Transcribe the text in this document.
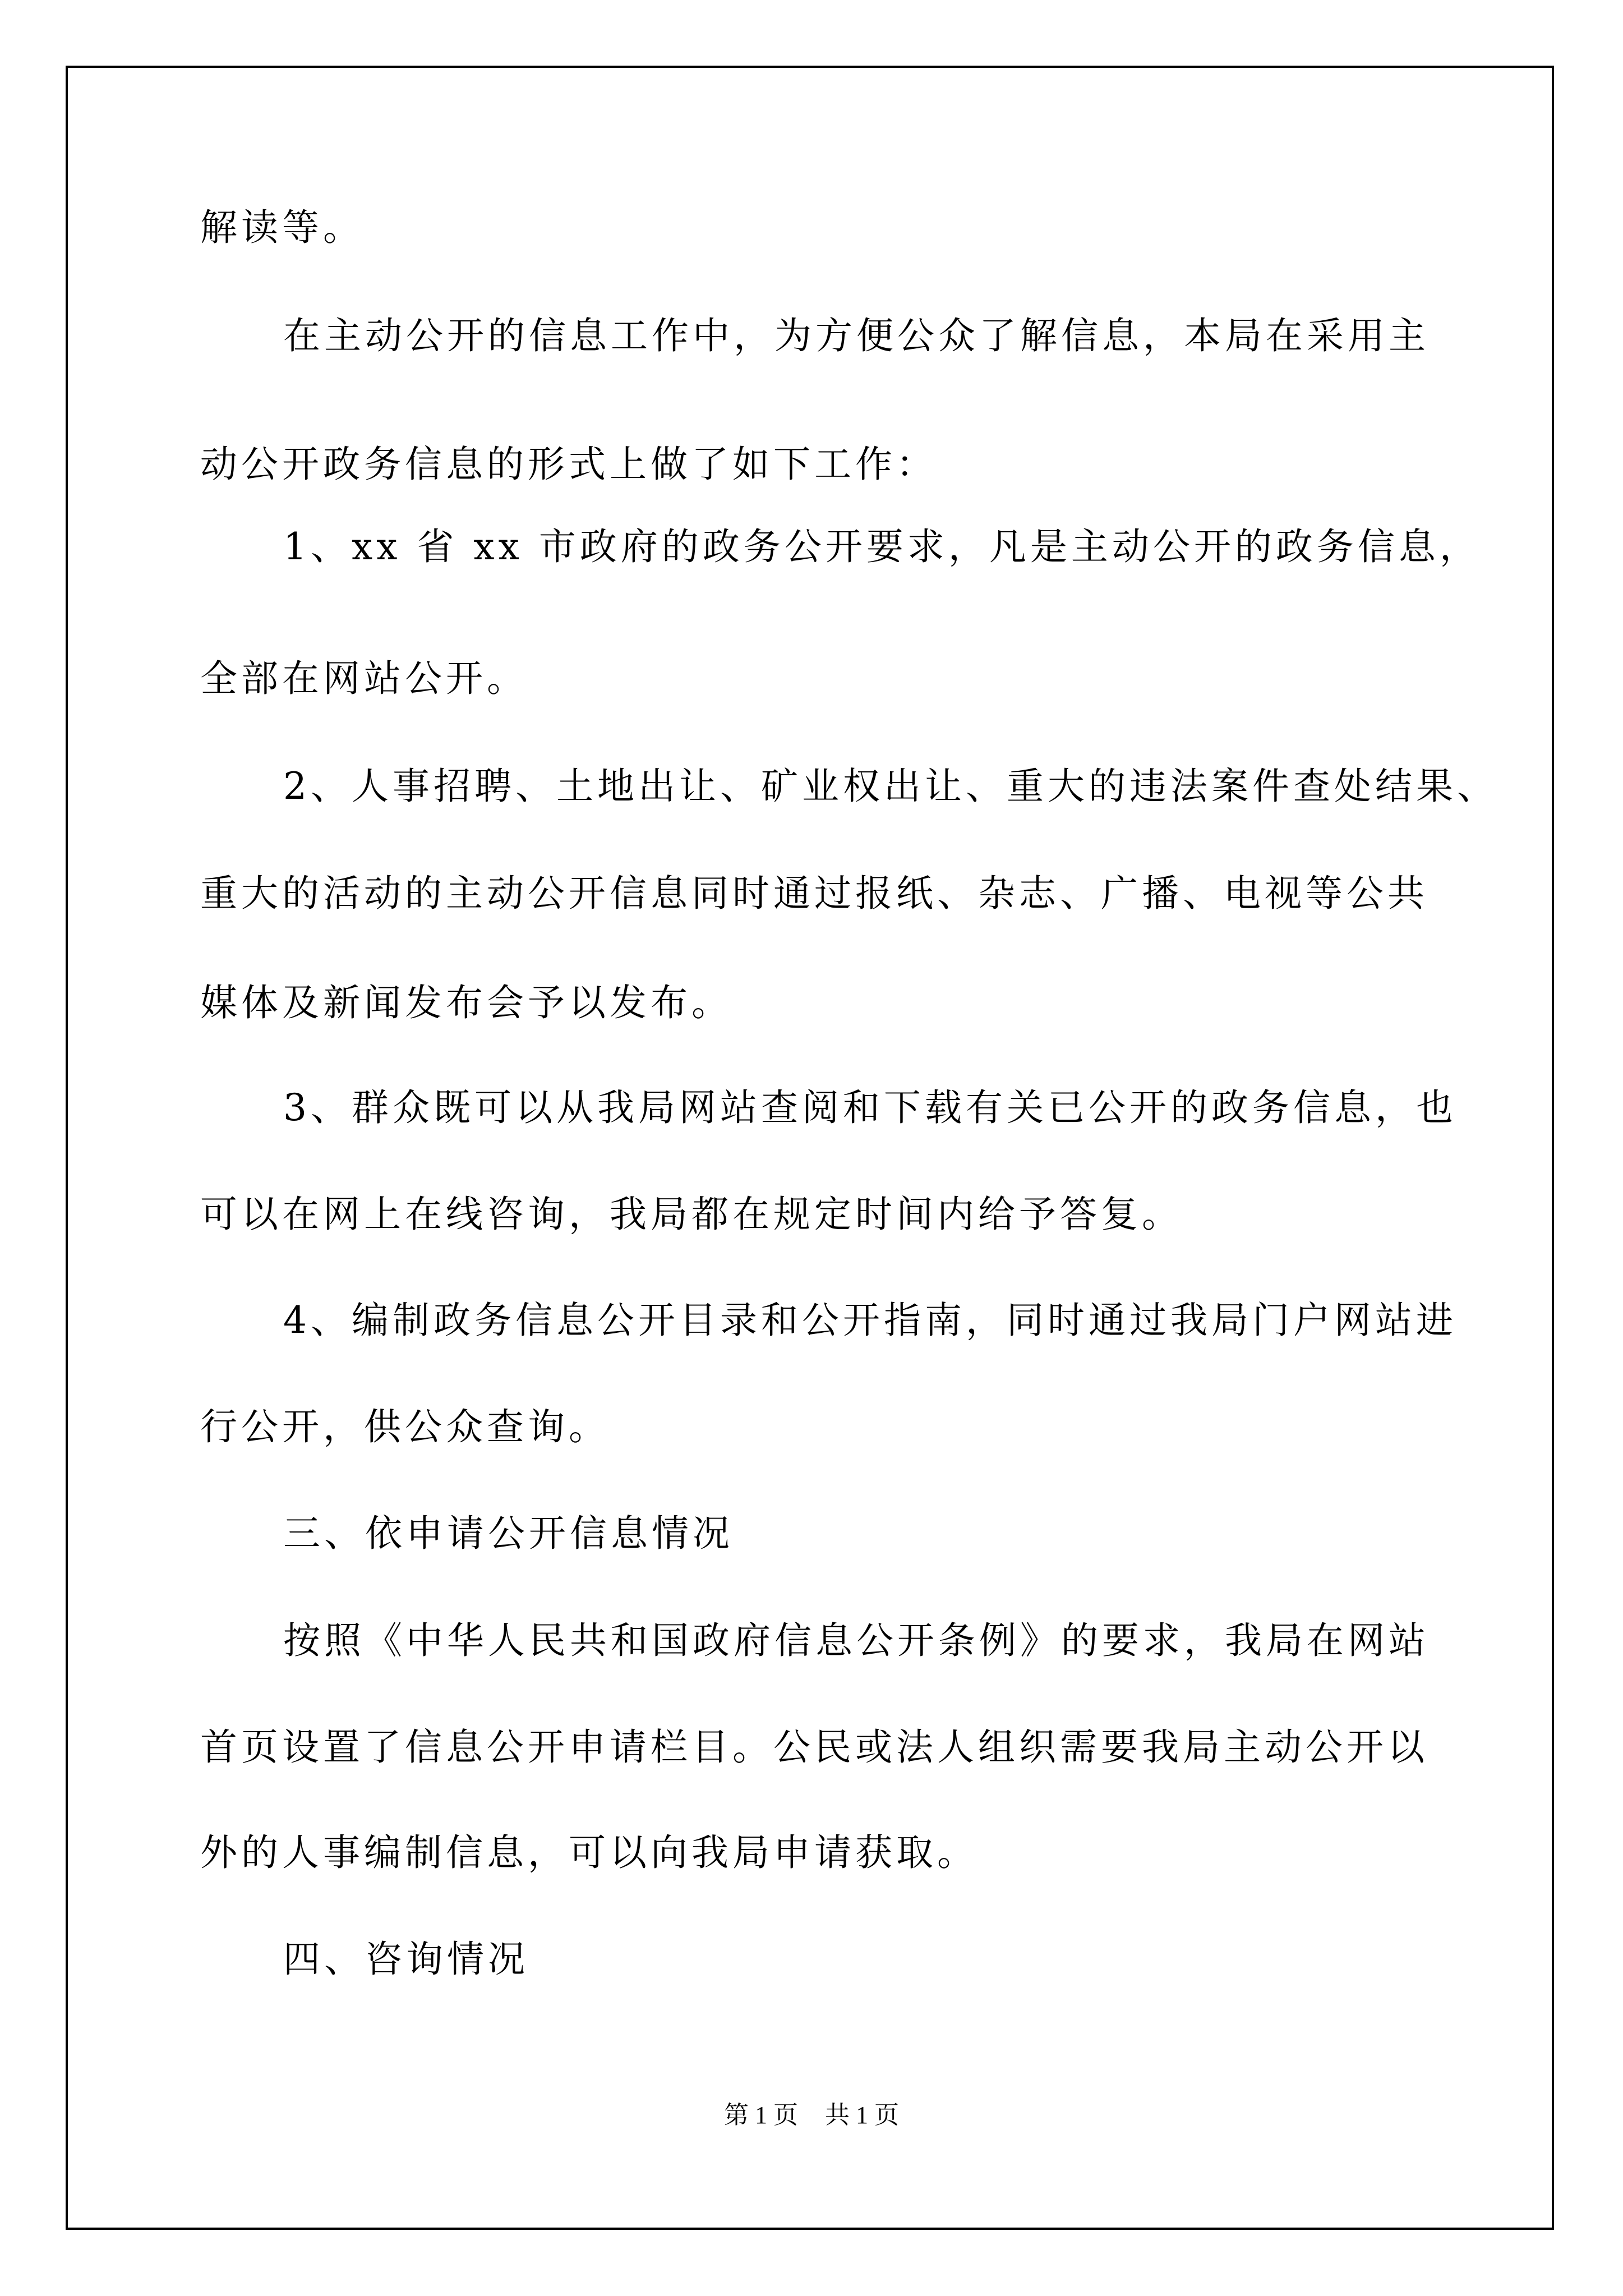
解读等。
在主动公开的信息工作中，为方便公众了解信息，本局在采用主
动公开政务信息的形式上做了如下工作：
1、xx 省 xx 市政府的政务公开要求，凡是主动公开的政务信息，
全部在网站公开。
2、人事招聘、土地出让、矿业权出让、重大的违法案件查处结果、
重大的活动的主动公开信息同时通过报纸、杂志、广播、电视等公共
媒体及新闻发布会予以发布。
3、群众既可以从我局网站查阅和下载有关已公开的政务信息，也
可以在网上在线咨询，我局都在规定时间内给予答复。
4、编制政务信息公开目录和公开指南，同时通过我局门户网站进
行公开，供公众查询。
三、依申请公开信息情况
按照《中华人民共和国政府信息公开条例》的要求，我局在网站
首页设置了信息公开申请栏目。公民或法人组织需要我局主动公开以
外的人事编制信息，可以向我局申请获取。
四、咨询情况
第 1 页 共 1 页
